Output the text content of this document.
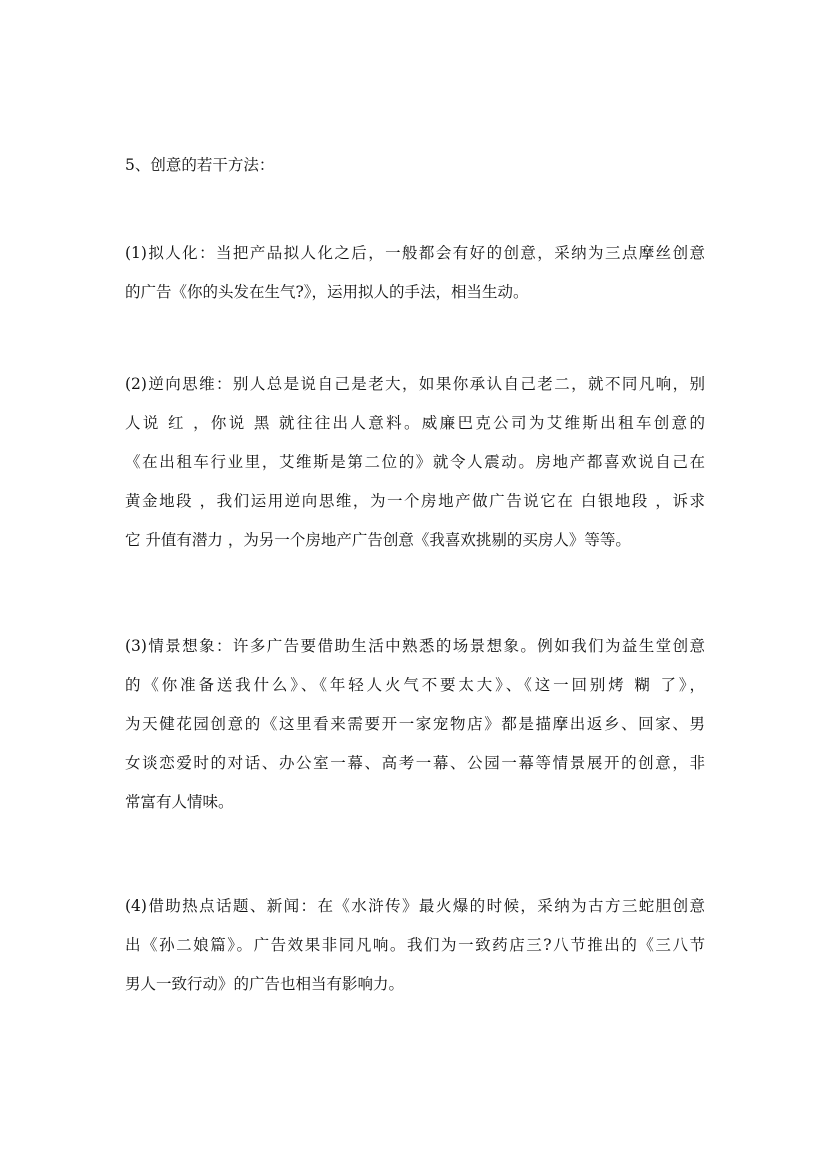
5、创意的若干方法：
(1)拟人化：当把产品拟人化之后，一般都会有好的创意，采纳为三点摩丝创意
的广告《你的头发在生气?》，运用拟人的手法，相当生动。
(2)逆向思维：别人总是说自己是老大，如果你承认自己老二，就不同凡响，别
人说 红 ，你说 黑 就往往出人意料。威廉巴克公司为艾维斯出租车创意的
《在出租车行业里，艾维斯是第二位的》就令人震动。房地产都喜欢说自己在
黄金地段 ，我们运用逆向思维，为一个房地产做广告说它在 白银地段 ，诉求
它 升值有潜力 ，为另一个房地产广告创意《我喜欢挑剔的买房人》等等。
(3)情景想象：许多广告要借助生活中熟悉的场景想象。例如我们为益生堂创意
的《你准备送我什么》、《年轻人火气不要太大》、《这一回别烤 糊 了》，
为天健花园创意的《这里看来需要开一家宠物店》都是描摩出返乡、回家、男
女谈恋爱时的对话、办公室一幕、高考一幕、公园一幕等情景展开的创意，非
常富有人情味。
(4)借助热点话题、新闻：在《水浒传》最火爆的时候，采纳为古方三蛇胆创意
出《孙二娘篇》。广告效果非同凡响。我们为一致药店三?八节推出的《三八节
男人一致行动》的广告也相当有影响力。
